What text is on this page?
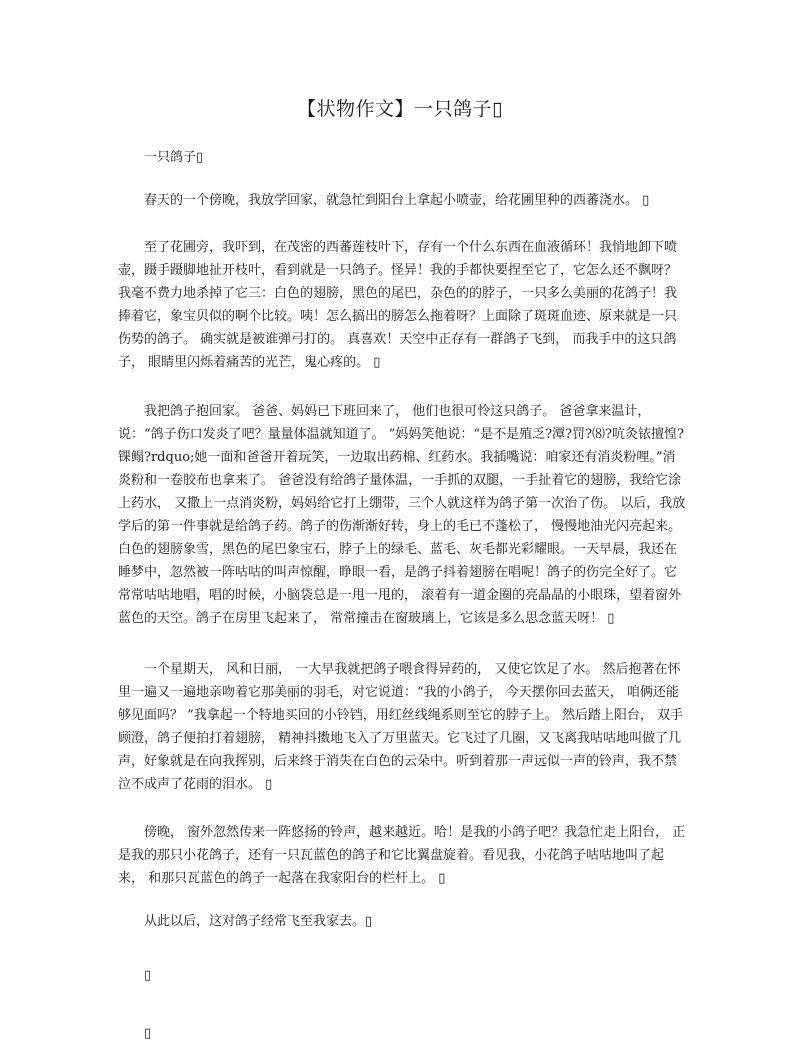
【状物作文】一只鸽子▯

一只鸽子▯

春天的一个傍晚，我放学回家，就急忙到阳台上拿起小喷壶，给花圃里种的西蕃浇水。 ▯

至了花圃旁，我吓到，在茂密的西蕃莲枝叶下，存有一个什么东西在血液循环！我悄地卸下喷壶，蹑手蹑脚地扯开枝叶，看到就是一只鸽子。怪异！我的手都快要捏至它了，它怎么还不飘呀？我毫不费力地杀掉了它三：白色的翅膀，黑色的尾巴，杂色的的脖子，一只多么美丽的花鸽子！我捧着它，象宝贝似的啊个比较。咦！怎么搞出的膀怎么拖着呀？上面除了斑斑血迹、原来就是一只伤势的鸽子。 确实就是被谁弹弓打的。 真喜欢！天空中正存有一群鸽子飞到， 而我手中的这只鸽子， 眼睛里闪烁着痛苦的光芒，鬼心疼的。 ▯

我把鸽子抱回家。 爸爸、妈妈已下班回来了， 他们也很可怜这只鸽子。 爸爸拿来温计，说：“鸽子伤口发炎了吧？量量体温就知道了。 ”妈妈笑他说：“是不是殖乏?潭?罚?⑻?吭灸铱擅惶?锞鳎?rdquo;她一面和爸爸开着玩笑，一边取出药棉、红药水。我插嘴说：咱家还有消炎粉哩。”消炎粉和一卷胶布也拿来了。 爸爸没有给鸽子量体温，一手抓的双腿，一手扯着它的翅膀，我给它涂上药水， 又撒上一点消炎粉，妈妈给它打上绷带，三个人就这样为鸽子第一次治了伤。 以后，我放学后的第一件事就是给鸽子药。鸽子的伤渐渐好转，身上的毛已不蓬松了， 慢慢地油光闪亮起来。白色的翅膀象雪，黑色的尾巴象宝石，脖子上的绿毛、蓝毛、灰毛都光彩耀眼。一天早晨，我还在睡梦中，忽然被一阵咕咕的叫声惊醒，睁眼一看，是鸽子抖着翅膀在唱呢！鸽子的伤完全好了。它常常咕咕地唱，唱的时候，小脑袋总是一甩一甩的， 滚着有一道金圈的亮晶晶的小眼珠，望着窗外蓝色的天空。鸽子在房里飞起来了， 常常撞击在窗玻璃上，它该是多么思念蓝天呀！ ▯

一个星期天， 风和日丽， 一大早我就把鸽子喂食得异药的， 又使它饮足了水。 然后抱著在怀里一遍又一遍地亲吻着它那美丽的羽毛，对它说道：“我的小鸽子， 今天摆你回去蓝天， 咱俩还能够见面吗？ ”我拿起一个特地买回的小铃铛，用红丝线绳系则至它的脖子上。 然后踏上阳台， 双手顾澄，鸽子便拍打着翅膀， 精神抖擞地飞入了万里蓝天。它飞过了几圈，又飞离我咕咕地叫做了几声，好象就是在向我挥别，后来终于消失在白色的云朵中。听到着那一声远似一声的铃声，我不禁泣不成声了花雨的泪水。 ▯

傍晚， 窗外忽然传来一阵悠扬的铃声，越来越近。哈！是我的小鸽子吧？我急忙走上阳台， 正是我的那只小花鸽子，还有一只瓦蓝色的鸽子和它比翼盘旋着。看见我，小花鸽子咕咕地叫了起来， 和那只瓦蓝色的鸽子一起落在我家阳台的栏杆上。 ▯

从此以后，这对鸽子经常飞至我家去。▯

▯

▯
